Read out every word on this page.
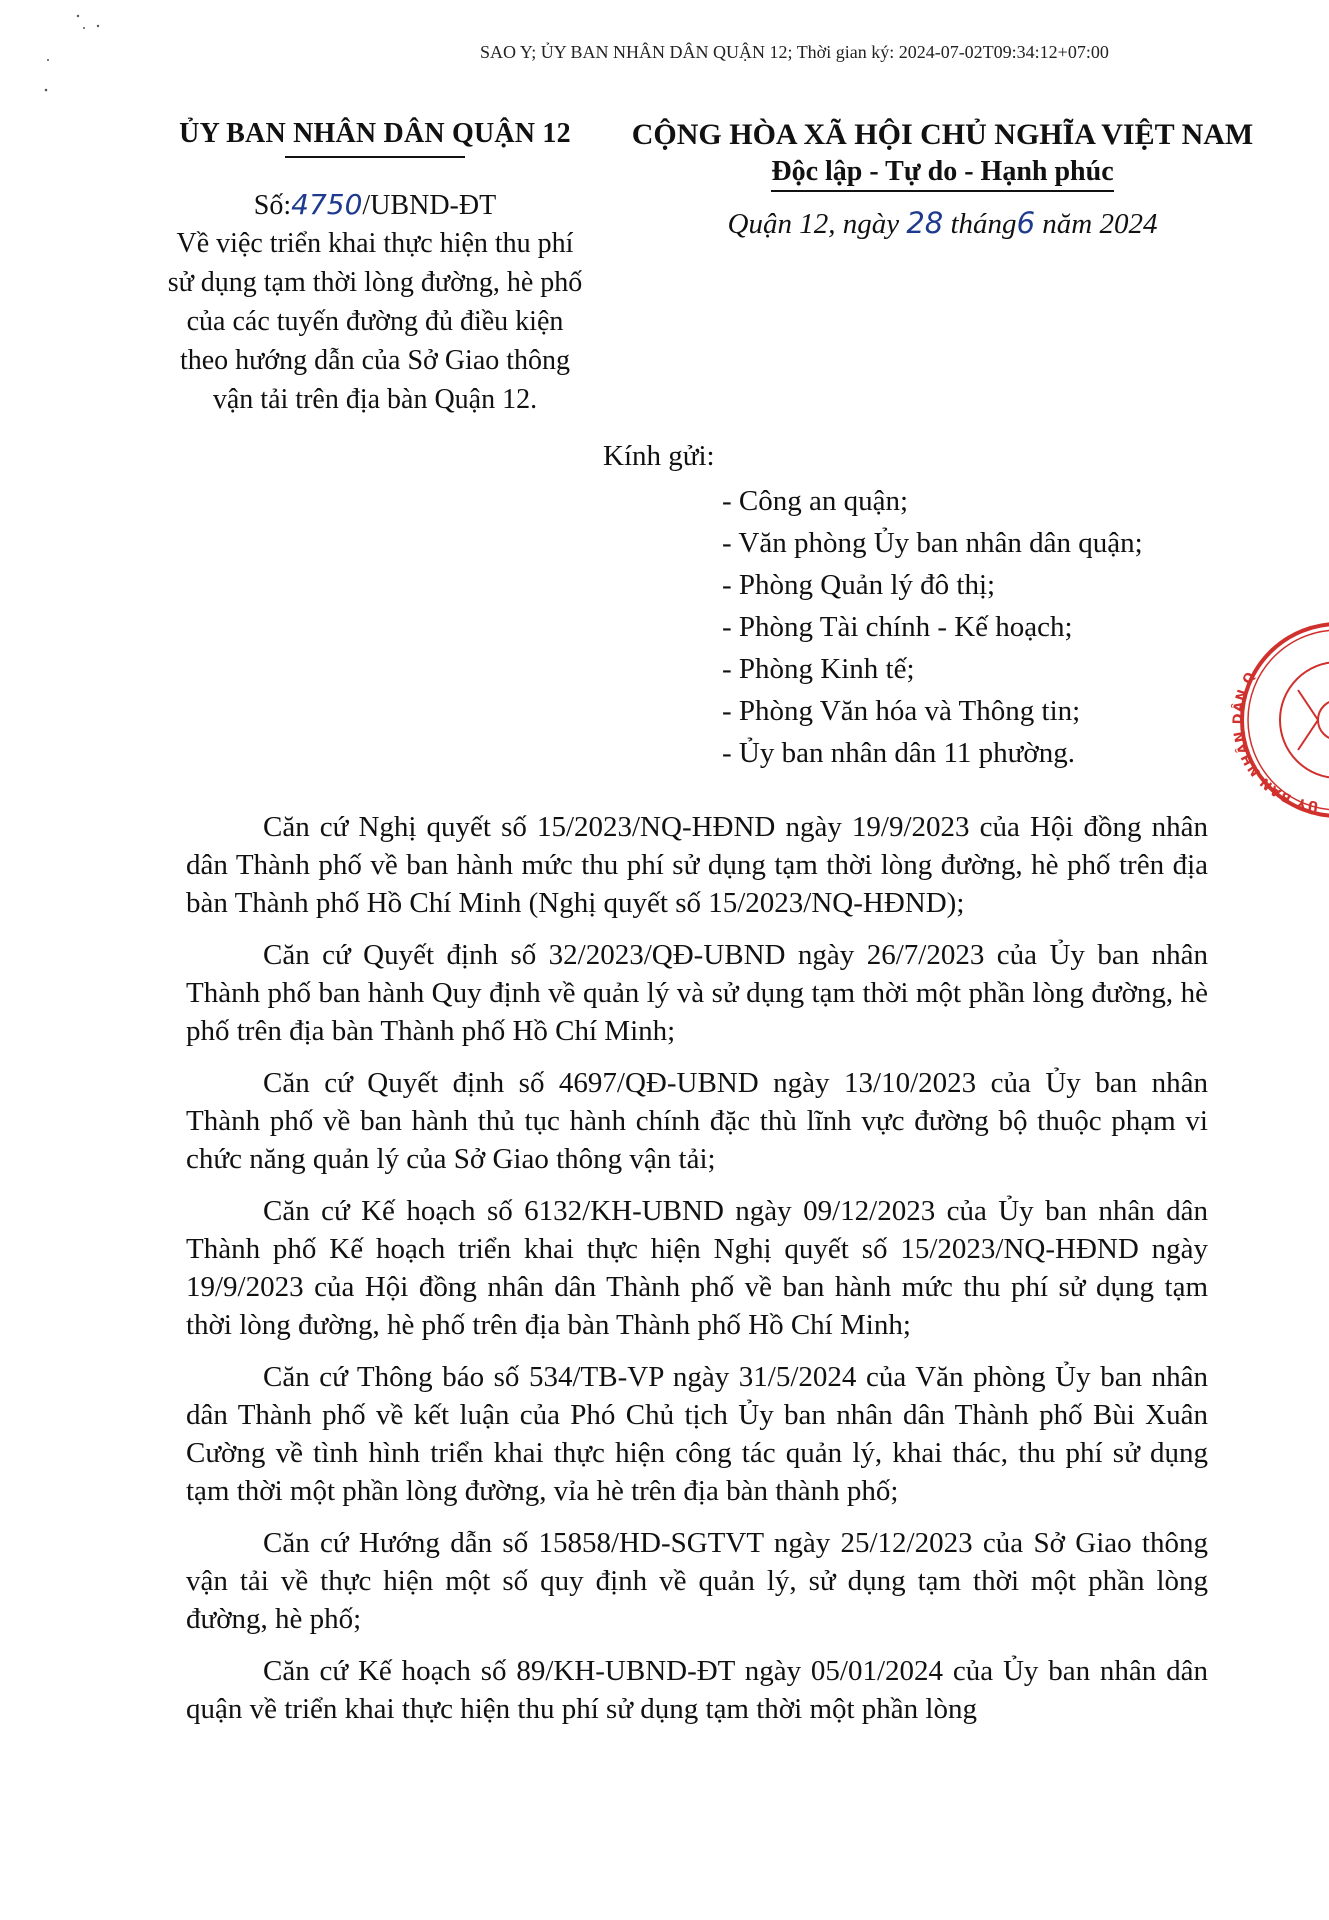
SAO Y; ỦY BAN NHÂN DÂN QUẬN 12; Thời gian ký: 2024-07-02T09:34:12+07:00
ỦY BAN NHÂN DÂN QUẬN 12
Số:4750/UBND-ĐT
Về việc triển khai thực hiện thu phí
sử dụng tạm thời lòng đường, hè phố
của các tuyến đường đủ điều kiện
theo hướng dẫn của Sở Giao thông
vận tải trên địa bàn Quận 12.
CỘNG HÒA XÃ HỘI CHỦ NGHĨA VIỆT NAM
Độc lập - Tự do - Hạnh phúc
Quận 12, ngày 28 tháng6 năm 2024
Kính gửi:
- Công an quận;
- Văn phòng Ủy ban nhân dân quận;
- Phòng Quản lý đô thị;
- Phòng Tài chính - Kế hoạch;
- Phòng Kinh tế;
- Phòng Văn hóa và Thông tin;
- Ủy ban nhân dân 11 phường.
ỦY BAN NHÂN DÂN Q

Căn cứ Nghị quyết số 15/2023/NQ-HĐND ngày 19/9/2023 của Hội đồng nhân dân Thành phố về ban hành mức thu phí sử dụng tạm thời lòng đường, hè phố trên địa bàn Thành phố Hồ Chí Minh (Nghị quyết số 15/2023/NQ-HĐND);

Căn cứ Quyết định số 32/2023/QĐ-UBND ngày 26/7/2023 của Ủy ban nhân Thành phố ban hành Quy định về quản lý và sử dụng tạm thời một phần lòng đường, hè phố trên địa bàn Thành phố Hồ Chí Minh;

Căn cứ Quyết định số 4697/QĐ-UBND ngày 13/10/2023 của Ủy ban nhân Thành phố về ban hành thủ tục hành chính đặc thù lĩnh vực đường bộ thuộc phạm vi chức năng quản lý của Sở Giao thông vận tải;

Căn cứ Kế hoạch số 6132/KH-UBND ngày 09/12/2023 của Ủy ban nhân dân Thành phố Kế hoạch triển khai thực hiện Nghị quyết số 15/2023/NQ-HĐND ngày 19/9/2023 của Hội đồng nhân dân Thành phố về ban hành mức thu phí sử dụng tạm thời lòng đường, hè phố trên địa bàn Thành phố Hồ Chí Minh;

Căn cứ Thông báo số 534/TB-VP ngày 31/5/2024 của Văn phòng Ủy ban nhân dân Thành phố về kết luận của Phó Chủ tịch Ủy ban nhân dân Thành phố Bùi Xuân Cường về tình hình triển khai thực hiện công tác quản lý, khai thác, thu phí sử dụng tạm thời một phần lòng đường, vỉa hè trên địa bàn thành phố;

Căn cứ Hướng dẫn số 15858/HD-SGTVT ngày 25/12/2023 của Sở Giao thông vận tải về thực hiện một số quy định về quản lý, sử dụng tạm thời một phần lòng đường, hè phố;

Căn cứ Kế hoạch số 89/KH-UBND-ĐT ngày 05/01/2024 của Ủy ban nhân dân quận về triển khai thực hiện thu phí sử dụng tạm thời một phần lòng
